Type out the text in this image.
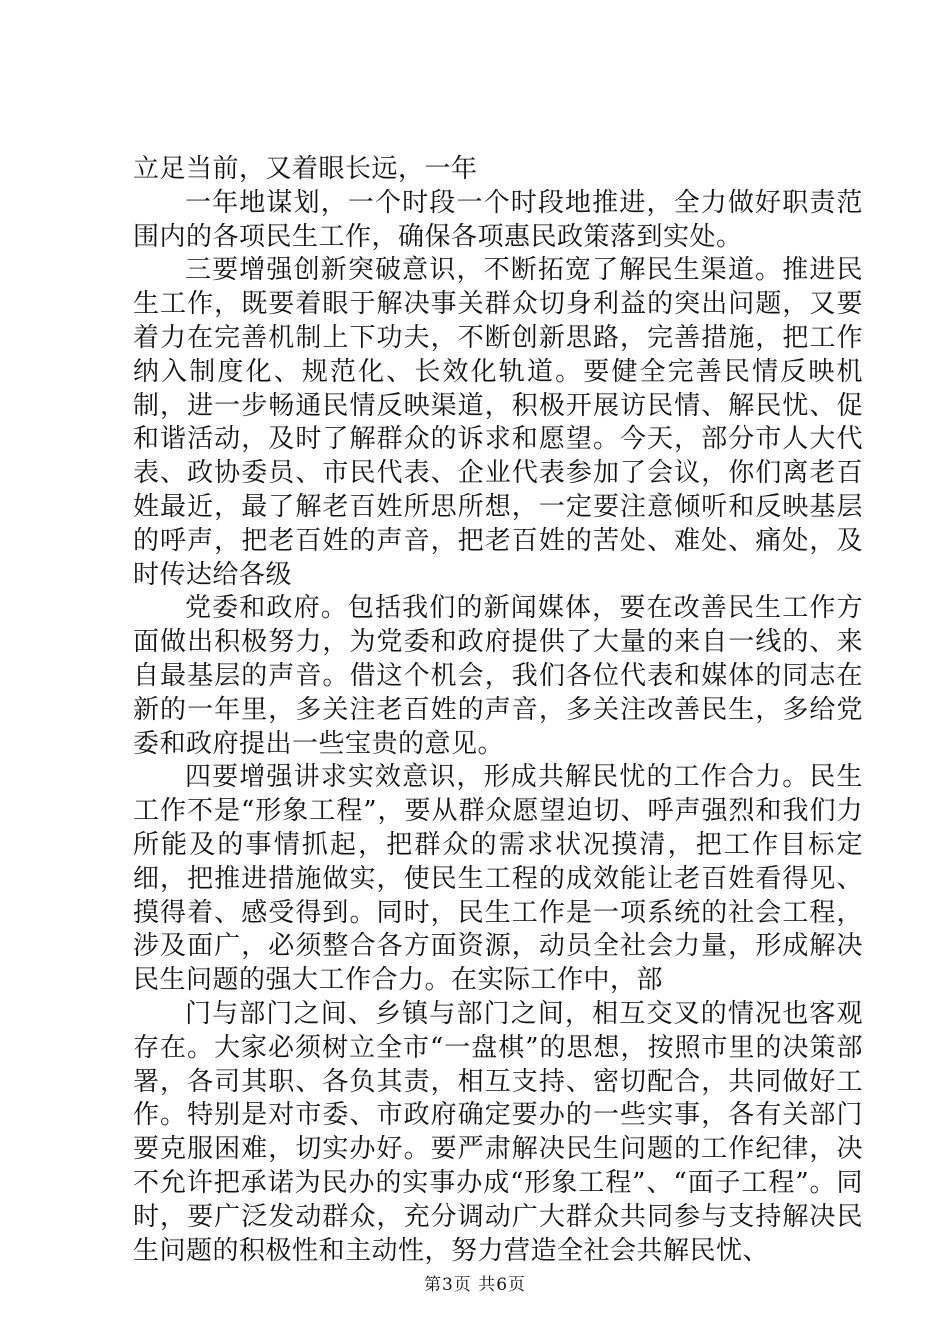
立足当前，又着眼长远，一年

一年地谋划，一个时段一个时段地推进，全力做好职责范围内的各项民生工作，确保各项惠民政策落到实处。

三要增强创新突破意识，不断拓宽了解民生渠道。推进民生工作，既要着眼于解决事关群众切身利益的突出问题，又要着力在完善机制上下功夫，不断创新思路，完善措施，把工作纳入制度化、规范化、长效化轨道。要健全完善民情反映机制，进一步畅通民情反映渠道，积极开展访民情、解民忧、促和谐活动，及时了解群众的诉求和愿望。今天，部分市人大代表、政协委员、市民代表、企业代表参加了会议，你们离老百姓最近，最了解老百姓所思所想，一定要注意倾听和反映基层的呼声，把老百姓的声音，把老百姓的苦处、难处、痛处，及时传达给各级

党委和政府。包括我们的新闻媒体，要在改善民生工作方面做出积极努力，为党委和政府提供了大量的来自一线的、来自最基层的声音。借这个机会，我们各位代表和媒体的同志在新的一年里，多关注老百姓的声音，多关注改善民生，多给党委和政府提出一些宝贵的意见。

四要增强讲求实效意识，形成共解民忧的工作合力。民生工作不是“形象工程”，要从群众愿望迫切、呼声强烈和我们力所能及的事情抓起，把群众的需求状况摸清，把工作目标定细，把推进措施做实，使民生工程的成效能让老百姓看得见、摸得着、感受得到。同时，民生工作是一项系统的社会工程，涉及面广，必须整合各方面资源，动员全社会力量，形成解决民生问题的强大工作合力。在实际工作中，部

门与部门之间、乡镇与部门之间，相互交叉的情况也客观存在。大家必须树立全市“一盘棋”的思想，按照市里的决策部署，各司其职、各负其责，相互支持、密切配合，共同做好工作。特别是对市委、市政府确定要办的一些实事，各有关部门要克服困难，切实办好。要严肃解决民生问题的工作纪律，决不允许把承诺为民办的实事办成“形象工程”、“面子工程”。同时，要广泛发动群众，充分调动广大群众共同参与支持解决民生问题的积极性和主动性，努力营造全社会共解民忧、

第3页 共6页
